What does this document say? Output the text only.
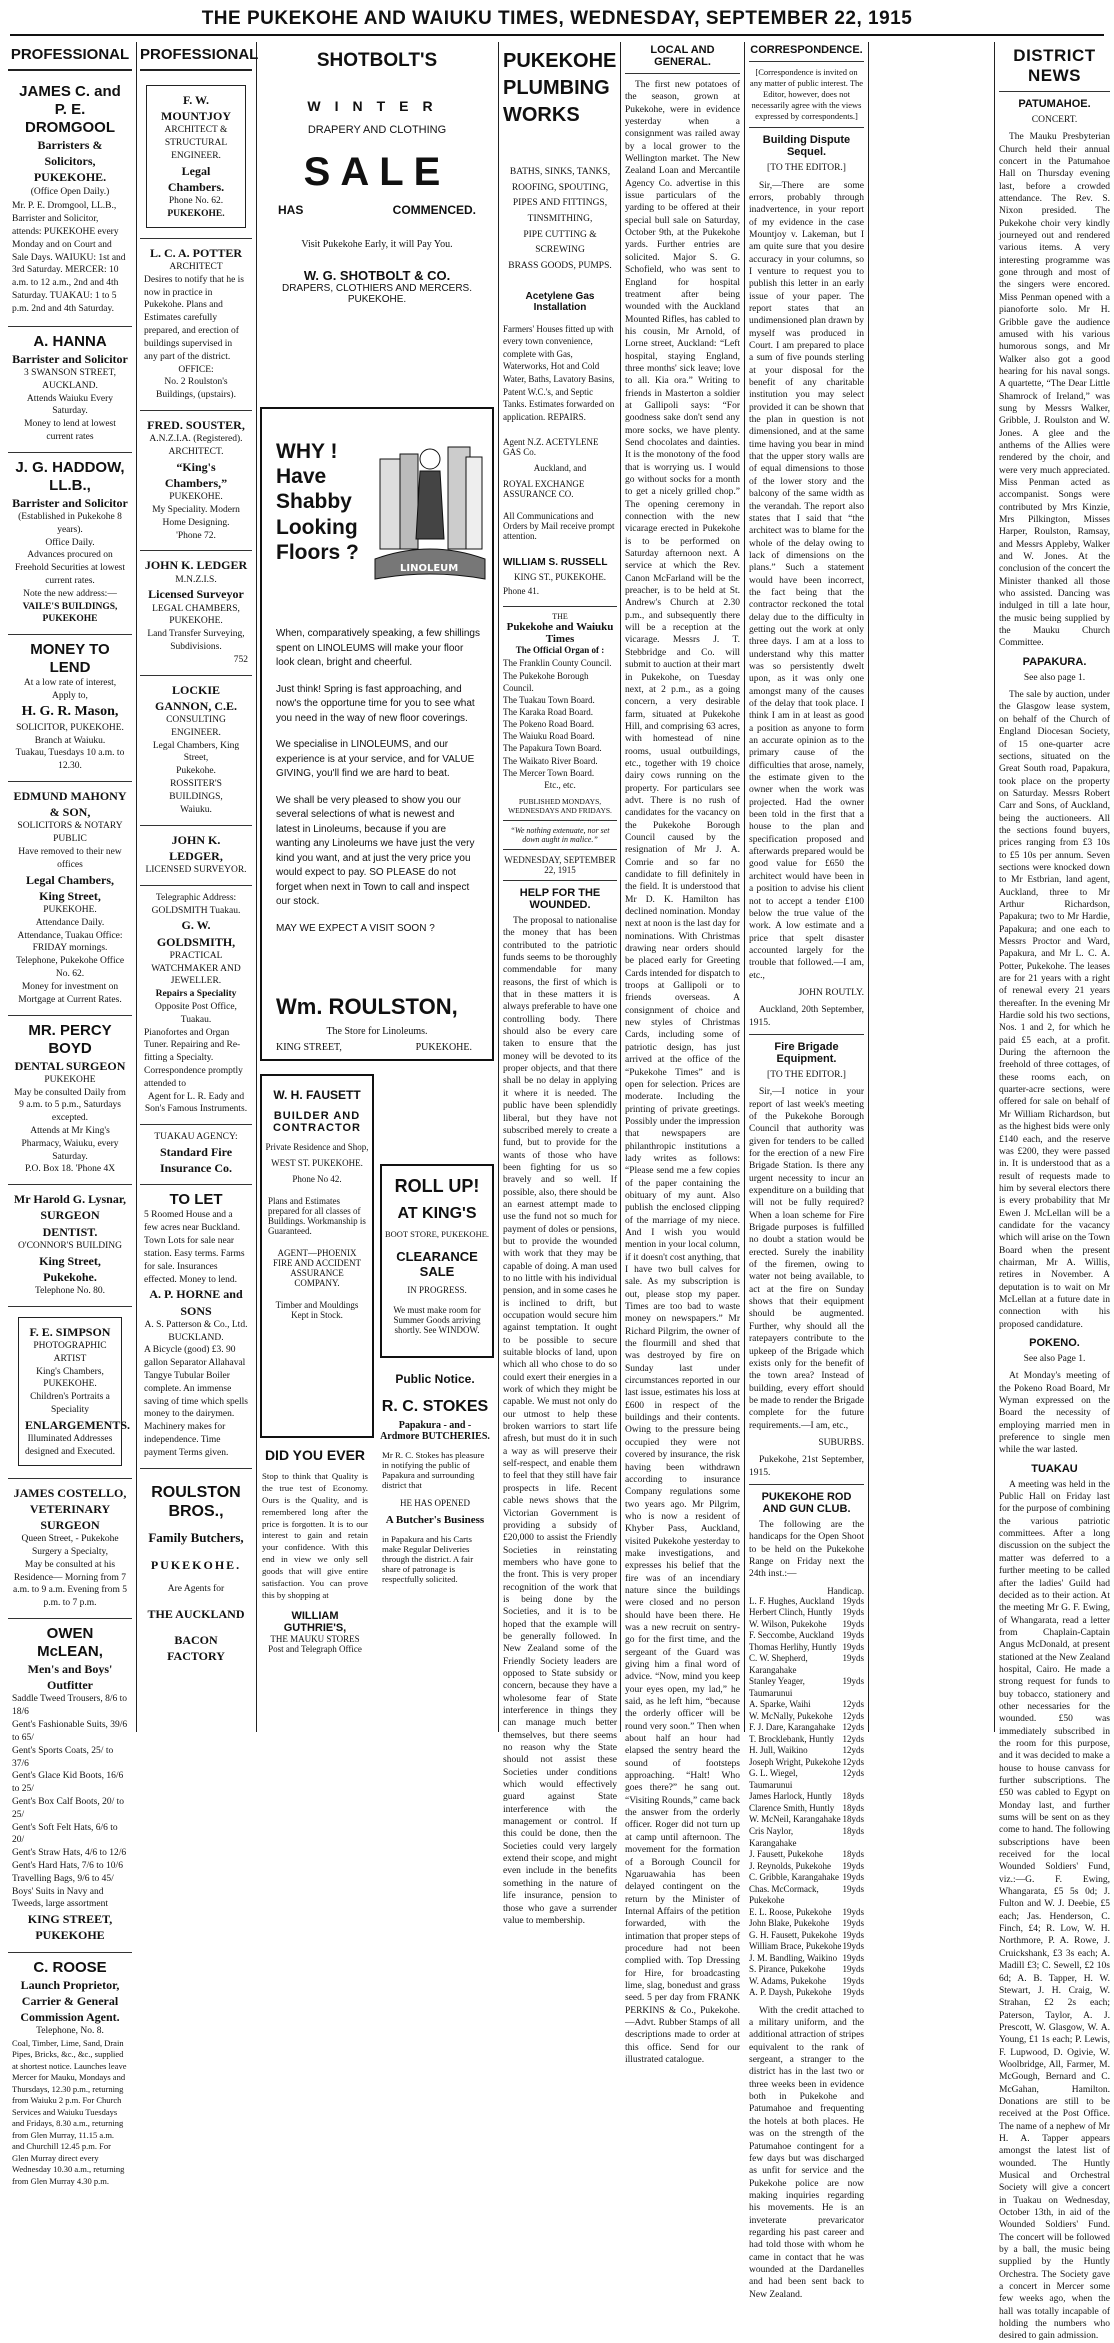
THE PUKEKOHE AND WAIUKU TIMES, WEDNESDAY, SEPTEMBER 22, 1915
PROFESSIONAL
JAMES C. and P. E. DROMGOOL
Barristers & Solicitors,
PUKEKOHE.
(Office Open Daily.)

Mr. P. E. Dromgool, LL.B., Barrister and Solicitor, attends: PUKEKOHE every Monday and on Court and Sale Days. WAIUKU: 1st and 3rd Saturday. MERCER: 10 a.m. to 12 a.m., 2nd and 4th Saturday. TUAKAU: 1 to 5 p.m. 2nd and 4th Saturday.

A. HANNA
Barrister and Solicitor
3 SWANSON STREET, AUCKLAND.
Attends Waiuku Every Saturday.
Money to lend at lowest current rates
J. G. HADDOW, LL.B.,
Barrister and Solicitor
(Established in Pukekohe 8 years).
Office Daily.
Advances procured on Freehold Securities at lowest current rates.
Note the new address:—
VAILE'S BUILDINGS, PUKEKOHE
MONEY TO LEND
At a low rate of interest,
Apply to,
H. G. R. Mason,
SOLICITOR, PUKEKOHE.
Branch at Waiuku.
Tuakau, Tuesdays 10 a.m. to 12.30.
EDMUND MAHONY & SON,
SOLICITORS & NOTARY PUBLIC
Have removed to their new offices
Legal Chambers, King Street,
PUKEKOHE.
Attendance Daily.
Attendance, Tuakau Office: FRIDAY mornings. Telephone, Pukekohe Office No. 62.
Money for investment on Mortgage at Current Rates.
MR. PERCY BOYD
DENTAL SURGEON
PUKEKOHE
May be consulted Daily from 9 a.m. to 5 p.m., Saturdays excepted.
Attends at Mr King's Pharmacy, Waiuku, every Saturday.
P.O. Box 18. 'Phone 4X
Mr Harold G. Lysnar,
SURGEON DENTIST.
O'CONNOR'S BUILDING
King Street, Pukekohe.
Telephone No. 80.
F. E. SIMPSON
PHOTOGRAPHIC ARTIST
King's Chambers,
PUKEKOHE.
Children's Portraits a Speciality
ENLARGEMENTS.
Illuminated Addresses designed and Executed.
JAMES COSTELLO,
VETERINARY SURGEON
Queen Street, - Pukekohe
Surgery a Specialty,
May be consulted at his Residence— Morning from 7 a.m. to 9 a.m. Evening from 5 p.m. to 7 p.m.
OWEN McLEAN,
Men's and Boys' Outfitter
Saddle Tweed Trousers, 8/6 to 18/6
Gent's Fashionable Suits, 39/6 to 65/
Gent's Sports Coats, 25/ to 37/6
Gent's Glace Kid Boots, 16/6 to 25/
Gent's Box Calf Boots, 20/ to 25/
Gent's Soft Felt Hats, 6/6 to 20/
Gent's Straw Hats, 4/6 to 12/6
Gent's Hard Hats, 7/6 to 10/6
Travelling Bags, 9/6 to 45/
Boys' Suits in Navy and Tweeds, large assortment
KING STREET, PUKEKOHE
C. ROOSE
Launch Proprietor, Carrier & General Commission Agent.
Telephone, No. 8.
Coal, Timber, Lime, Sand, Drain Pipes, Bricks, &c., &c., supplied at shortest notice. Launches leave Mercer for Mauku, Mondays and Thursdays, 12.30 p.m., returning from Waiuku 2 p.m. For Church Services and Waiuku Tuesdays and Fridays, 8.30 a.m., returning from Glen Murray, 11.15 a.m. and Churchill 12.45 p.m. For Glen Murray direct every Wednesday 10.30 a.m., returning from Glen Murray 4.30 p.m.
PROFESSIONAL
F. W. MOUNTJOY
ARCHITECT & STRUCTURAL ENGINEER.
Legal Chambers.
Phone No. 62.
PUKEKOHE.
L. C. A. POTTER
ARCHITECT
Desires to notify that he is now in practice in Pukekohe. Plans and Estimates carefully prepared, and erection of buildings supervised in any part of the district.
OFFICE:
No. 2 Roulston's Buildings, (upstairs).
FRED. SOUSTER,
A.N.Z.I.A. (Registered).
ARCHITECT.
“King's Chambers,”
PUKEKOHE.
My Speciality. Modern Home Designing.
'Phone 72.
JOHN K. LEDGER
M.N.Z.I.S.
Licensed Surveyor
LEGAL CHAMBERS,
PUKEKOHE.
Land Transfer Surveying, Subdivisions.
752
LOCKIE GANNON, C.E.
CONSULTING ENGINEER.
Legal Chambers, King Street,
Pukekohe.
ROSSITER'S BUILDINGS,
Waiuku.
JOHN K. LEDGER,
LICENSED SURVEYOR.
Telegraphic Address: GOLDSMITH Tuakau.
G. W. GOLDSMITH,
PRACTICAL WATCHMAKER AND JEWELLER.
Repairs a Speciality
Opposite Post Office, Tuakau.
Pianofortes and Organ Tuner. Repairing and Re-fitting a Specialty. Correspondence promptly attended to
Agent for L. R. Eady and Son's Famous Instruments.
TUAKAU AGENCY:
Standard Fire Insurance Co.
TO LET
5 Roomed House and a few acres near Buckland. Town Lots for sale near station. Easy terms. Farms for sale. Insurances effected. Money to lend.
A. P. HORNE and SONS
A. S. Patterson & Co., Ltd.
BUCKLAND.
A Bicycle (good) £3. 90 gallon Separator Allahaval Tangye Tubular Boiler complete. An immense saving of time which spells money to the dairymen. Machinery makes for independence. Time payment Terms given.
ROULSTON BROS.,
Family Butchers,
PUKEKOHE.
Are Agents for
THE AUCKLAND
BACON FACTORY
SHOTBOLT'S
WINTER
DRAPERY AND CLOTHING
SALE
HAS	COMMENCED.
Visit Pukekohe Early, it will Pay You.
W. G. SHOTBOLT & CO.
DRAPERS, CLOTHIERS AND MERCERS.
PUKEKOHE.
WHY !
Have
Shabby
Looking
Floors ?
LINOLEUM

When, comparatively speaking, a few shillings spent on LINOLEUMS will make your floor look clean, bright and cheerful.

Just think! Spring is fast approaching, and now's the opportune time for you to see what you need in the way of new floor coverings.

We specialise in LINOLEUMS, and our experience is at your service, and for VALUE GIVING, you'll find we are hard to beat.

We shall be very pleased to show you our several selections of what is newest and latest in Linoleums, because if you are wanting any Linoleums we have just the very kind you want, and at just the very price you would expect to pay. SO PLEASE do not forget when next in Town to call and inspect our stock.

MAY WE EXPECT A VISIT SOON ?

Wm. ROULSTON,
The Store for Linoleums.
KING STREET,	PUKEKOHE.
W. H. FAUSETT
BUILDER AND
CONTRACTOR
Private Residence and Shop,
WEST ST. PUKEKOHE.
Phone No 42.
Plans and Estimates prepared for all classes of Buildings. Workmanship is Guaranteed.
AGENT—PHOENIX FIRE AND ACCIDENT ASSURANCE COMPANY.
Timber and Mouldings Kept in Stock.
ROLL UP!
AT KING'S
BOOT STORE, PUKEKOHE.
CLEARANCE SALE
IN PROGRESS.
We must make room for Summer Goods arriving shortly. See WINDOW.
DID YOU EVER
Stop to think that Quality is the true test of Economy. Ours is the Quality, and is remembered long after the price is forgotten. It is to our interest to gain and retain your confidence. With this end in view we only sell goods that will give entire satisfaction. You can prove this by shopping at
WILLIAM GUTHRIE'S,
THE MAUKU STORES
Post and Telegraph Office
Public Notice.
R. C. STOKES
Papakura - and - Ardmore BUTCHERIES.
Mr R. C. Stokes has pleasure in notifying the public of Papakura and surrounding district that
HE HAS OPENED
A Butcher's Business
in Papakura and his Carts make Regular Deliveries through the district. A fair share of patronage is respectfully solicited.
PUKEKOHE
PLUMBING
WORKS
BATHS, SINKS, TANKS,
ROOFING, SPOUTING,
PIPES AND FITTINGS,
TINSMITHING,
PIPE CUTTING & SCREWING
BRASS GOODS, PUMPS.
Acetylene Gas Installation
Farmers' Houses fitted up with every town convenience, complete with Gas, Waterworks, Hot and Cold Water, Baths, Lavatory Basins, Patent W.C.'s, and Septic Tanks. Estimates forwarded on application. REPAIRS.
Agent N.Z. ACETYLENE GAS Co.
Auckland, and
ROYAL EXCHANGE ASSURANCE CO.
All Communications and Orders by Mail receive prompt attention.
WILLIAM S. RUSSELL
KING ST., PUKEKOHE.
Phone 41.
THE
Pukekohe and Waiuku Times
The Official Organ of :
The Franklin County Council.
The Pukekohe Borough Council.
The Tuakau Town Board.
The Karaka Road Board.
The Pokeno Road Board.
The Waiuku Road Board.
The Papakura Town Board.
The Waikato River Board.
The Mercer Town Board.
Etc., etc.
PUBLISHED MONDAYS, WEDNESDAYS AND FRIDAYS.
“We nothing extenuate, nor set down aught in malice.”
WEDNESDAY, SEPTEMBER 22, 1915
HELP FOR THE WOUNDED.

The proposal to nationalise the money that has been contributed to the patriotic funds seems to be thoroughly commendable for many reasons, the first of which is that in these matters it is always preferable to have one controlling body. There should also be every care taken to ensure that the money will be devoted to its proper objects, and that there shall be no delay in applying it where it is needed. The public have been splendidly liberal, but they have not subscribed merely to create a fund, but to provide for the wants of those who have been fighting for us so bravely and so well. If possible, also, there should be an earnest attempt made to use the fund not so much for payment of doles or pensions, but to provide the wounded with work that they may be capable of doing. A man used to no little with his individual pension, and in some cases he is inclined to drift, but occupation would secure him against temptation. It ought to be possible to secure suitable blocks of land, upon which all who chose to do so could exert their energies in a work of which they might be capable. We must not only do our utmost to help these broken warriors to start life afresh, but must do it in such a way as will preserve their self-respect, and enable them to feel that they still have fair prospects in life. Recent cable news shows that the Victorian Government is providing a subsidy of £20,000 to assist the Friendly Societies in reinstating members who have gone to the front. This is very proper recognition of the work that is being done by the Societies, and it is to be hoped that the example will be generally followed. In New Zealand some of the Friendly Society leaders are opposed to State subsidy or concern, because they have a wholesome fear of State interference in things they can manage much better themselves, but there seems no reason why the State should not assist these Societies under conditions which would effectively guard against State interference with the management or control. If this could be done, then the Societies could very largely extend their scope, and might even include in the benefits something in the nature of life insurance, pension to those who gave a surrender value to membership.

LOCAL AND GENERAL.

The first new potatoes of the season, grown at Pukekohe, were in evidence yesterday when a consignment was railed away by a local grower to the Wellington market. The New Zealand Loan and Mercantile Agency Co. advertise in this issue particulars of the yarding to be offered at their special bull sale on Saturday, October 9th, at the Pukekohe yards. Further entries are solicited. Major S. G. Schofield, who was sent to England for hospital treatment after being wounded with the Auckland Mounted Rifles, has cabled to his cousin, Mr Arnold, of Lorne street, Auckland: “Left hospital, staying England, three months' sick leave; love to all. Kia ora.” Writing to friends in Masterton a soldier at Gallipoli says: “For goodness sake don't send any more socks, we have plenty. Send chocolates and dainties. It is the monotony of the food that is worrying us. I would go without socks for a month to get a nicely grilled chop.” The opening ceremony in connection with the new vicarage erected in Pukekohe is to be performed on Saturday afternoon next. A service at which the Rev. Canon McFarland will be the preacher, is to be held at St. Andrew's Church at 2.30 p.m., and subsequently there will be a reception at the vicarage. Messrs J. T. Stebbridge and Co. will submit to auction at their mart in Pukekohe, on Tuesday next, at 2 p.m., as a going concern, a very desirable farm, situated at Pukekohe Hill, and comprising 63 acres, with homestead of nine rooms, usual outbuildings, etc., together with 19 choice dairy cows running on the property. For particulars see advt. There is no rush of candidates for the vacancy on the Pukekohe Borough Council caused by the resignation of Mr J. A. Comrie and so far no candidate to fill definitely in the field. It is understood that Mr D. K. Hamilton has declined nomination. Monday next at noon is the last day for nominations. With Christmas drawing near orders should be placed early for Greeting Cards intended for dispatch to troops at Gallipoli or to friends overseas. A consignment of choice and new styles of Christmas Cards, including some of patriotic design, has just arrived at the office of the “Pukekohe Times” and is open for selection. Prices are moderate. Including the printing of private greetings. Possibly under the impression that newspapers are philanthropic institutions a lady writes as follows: “Please send me a few copies of the paper containing the obituary of my aunt. Also publish the enclosed clipping of the marriage of my niece. And I wish you would mention in your local column, if it doesn't cost anything, that I have two bull calves for sale. As my subscription is out, please stop my paper. Times are too bad to waste money on newspapers.” Mr Richard Pilgrim, the owner of the flourmill and shed that was destroyed by fire on Sunday last under circumstances reported in our last issue, estimates his loss at £600 in respect of the buildings and their contents. Owing to the pressure being occupied they were not covered by insurance, the risk having been withdrawn according to insurance Company regulations some two years ago. Mr Pilgrim, who is now a resident of Khyber Pass, Auckland, visited Pukekohe yesterday to make investigations, and expresses his belief that the fire was of an incendiary nature since the buildings were closed and no person should have been there. He was a new recruit on sentry-go for the first time, and the sergeant of the Guard was giving him a final word of advice. “Now, mind you keep your eyes open, my lad,” he said, as he left him, “because the orderly officer will be round very soon.” Then when about half an hour had elapsed the sentry heard the sound of footsteps approaching. “Halt! Who goes there?” he sang out. “Visiting Rounds,” came back the answer from the orderly officer. Roger did not turn up at camp until afternoon. The movement for the formation of a Borough Council for Ngaruawahia has been delayed contingent on the return by the Minister of Internal Affairs of the petition forwarded, with the intimation that proper steps of procedure had not been complied with. Top Dressing for Hire, for broadcasting lime, slag, bonedust and grass seed. 5 per day from FRANK PERKINS & Co., Pukekohe.—Advt. Rubber Stamps of all descriptions made to order at this office. Send for our illustrated catalogue.

CORRESPONDENCE.

[Correspondence is invited on any matter of public interest. The Editor, however, does not necessarily agree with the views expressed by correspondents.]

Building Dispute Sequel.

[TO THE EDITOR.]

Sir,—There are some errors, probably through inadvertence, in your report of my evidence in the case Mountjoy v. Lakeman, but I am quite sure that you desire accuracy in your columns, so I venture to request you to publish this letter in an early issue of your paper. The report states that an undimensioned plan drawn by myself was produced in Court. I am prepared to place a sum of five pounds sterling at your disposal for the benefit of any charitable institution you may select provided it can be shown that the plan in question is not dimensioned, and at the same time having you bear in mind that the upper story walls are of equal dimensions to those of the lower story and the balcony of the same width as the verandah. The report also states that I said that “the architect was to blame for the whole of the delay owing to lack of dimensions on the plans.” Such a statement would have been incorrect, the fact being that the contractor reckoned the total delay due to the difficulty in getting out the work at only three days. I am at a loss to understand why this matter was so persistently dwelt upon, as it was only one amongst many of the causes of the delay that took place. I think I am in at least as good a position as anyone to form an accurate opinion as to the primary cause of the difficulties that arose, namely, the estimate given to the owner when the work was projected. Had the owner been told in the first that a house to the plan and specification proposed and afterwards prepared would be good value for £650 the architect would have been in a position to advise his client not to accept a tender £100 below the true value of the work. A low estimate and a price that spelt disaster accounted largely for the trouble that followed.—I am, etc.,

JOHN ROUTLY.

Auckland, 20th September, 1915.

Fire Brigade Equipment.

[TO THE EDITOR.]

Sir,—I notice in your report of last week's meeting of the Pukekohe Borough Council that authority was given for tenders to be called for the erection of a new Fire Brigade Station. Is there any urgent necessity to incur an expenditure on a building that will not be fully required? When a loan scheme for Fire Brigade purposes is fulfilled no doubt a station would be erected. Surely the inability of the firemen, owing to water not being available, to act at the fire on Sunday shows that their equipment should be augmented. Further, why should all the ratepayers contribute to the upkeep of the Brigade which exists only for the benefit of the town area? Instead of building, every effort should be made to render the Brigade complete for the future requirements.—I am, etc.,

SUBURBS.

Pukekohe, 21st September, 1915.

PUKEKOHE ROD AND GUN CLUB.

The following are the handicaps for the Open Shoot to be held on the Pukekohe Range on Friday next the 24th inst.:—

Handicap.
L. F. Hughes, Auckland 19yds
Herbert Clinch, Huntly 19yds
W. Wilson, Pukekohe 19yds
F. Seccombe, Auckland 19yds
Thomas Herlihy, Huntly 19yds
C. W. Shepherd, Karangahake
19yds
Stanley Yeager, Taumarunui
19yds
A. Sparke, Waihi	12yds
W. McNally, Pukekohe 12yds
F. J. Dare, Karangahake 12yds
T. Brocklebank, Huntly 12yds
H. Jull, Waikino	12yds
Joseph Wright, Pukekohe 12yds
G. L. Wiegel, Taumarunui
12yds
James Harlock, Huntly 18yds
Clarence Smith, Huntly 18yds
W. McNeil, Karangahake 18yds
Cris Naylor, Karangahake
18yds
J. Fausett, Pukekohe 18yds
J. Reynolds, Pukekohe 19yds
C. Gribble, Karangahake 19yds
Chas. McCormack, Pukekohe
19yds
E. L. Roose, Pukekohe 19yds
John Blake, Pukekohe 19yds
G. H. Fausett, Pukekohe 19yds
William Brace, Pukekohe 19yds
J. M. Bandling, Waikino 19yds
S. Pirance, Pukekohe 19yds
W. Adams, Pukekohe 19yds
A. P. Daysh, Pukekohe 19yds

With the credit attached to a military uniform, and the additional attraction of stripes equivalent to the rank of sergeant, a stranger to the district has in the last two or three weeks been in evidence both in Pukekohe and Patumahoe and frequenting the hotels at both places. He was on the strength of the Patumahoe contingent for a few days but was discharged as unfit for service and the Pukekohe police are now making inquiries regarding his movements. He is an inveterate prevaricator regarding his past career and had told those with whom he came in contact that he was wounded at the Dardanelles and had been sent back to New Zealand.

DISTRICT NEWS
PATUMAHOE.

CONCERT.

The Mauku Presbyterian Church held their annual concert in the Patumahoe Hall on Thursday evening last, before a crowded attendance. The Rev. S. Nixon presided. The Pukekohe choir very kindly journeyed out and rendered various items. A very interesting programme was gone through and most of the singers were encored. Miss Penman opened with a pianoforte solo. Mr H. Gribble gave the audience amused with his various humorous songs, and Mr Walker also got a good hearing for his naval songs. A quartette, “The Dear Little Shamrock of Ireland,” was sung by Messrs Walker, Gribble, J. Roulston and W. Jones. A glee and the anthems of the Allies were rendered by the choir, and were very much appreciated. Miss Penman acted as accompanist. Songs were contributed by Mrs Kinzie, Mrs Pilkington, Misses Harper, Roulston, Ramsay, and Messrs Appleby, Walker and W. Jones. At the conclusion of the concert the Minister thanked all those who assisted. Dancing was indulged in till a late hour, the music being supplied by the Mauku Church Committee.

PAPAKURA.

See also page 1.

The sale by auction, under the Glasgow lease system, on behalf of the Church of England Diocesan Society, of 15 one-quarter acre sections, situated on the Great South road, Papakura, took place on the property on Saturday. Messrs Robert Carr and Sons, of Auckland, being the auctioneers. All the sections found buyers, prices ranging from £3 10s to £5 10s per annum. Seven sections were knocked down to Mr Estbrian, land agent, Auckland, three to Mr Arthur Richardson, Papakura; two to Mr Hardie, Papakura; and one each to Messrs Proctor and Ward, Papakura, and Mr L. C. A. Potter, Pukekohe. The leases are for 21 years with a right of renewal every 21 years thereafter. In the evening Mr Hardie sold his two sections, Nos. 1 and 2, for which he paid £5 each, at a profit. During the afternoon the freehold of three cottages, of these rooms each, on quarter-acre sections, were offered for sale on behalf of Mr William Richardson, but as the highest bids were only £140 each, and the reserve was £200, they were passed in. It is understood that as a result of requests made to him by several electors there is every probability that Mr Ewen J. McLellan will be a candidate for the vacancy which will arise on the Town Board when the present chairman, Mr A. Willis, retires in November. A deputation is to wait on Mr McLellan at a future date in connection with his proposed candidature.

POKENO.

See also Page 1.

At Monday's meeting of the Pokeno Road Board, Mr Wyman expressed on the Board the necessity of employing married men in preference to single men while the war lasted.

TUAKAU

A meeting was held in the Public Hall on Friday last for the purpose of combining the various patriotic committees. After a long discussion on the subject the matter was deferred to a further meeting to be called after the ladies' Guild had decided as to their action. At the meeting Mr G. F. Ewing, of Whangarata, read a letter from Chaplain-Captain Angus McDonald, at present stationed at the New Zealand hospital, Cairo. He made a strong request for funds to buy tobacco, stationery and other necessaries for the wounded. £50 was immediately subscribed in the room for this purpose, and it was decided to make a house to house canvass for further subscriptions. The £50 was cabled to Egypt on Monday last, and further sums will be sent on as they come to hand. The following subscriptions have been received for the local Wounded Soldiers' Fund, viz.:—G. F. Ewing, Whangarata, £5 5s 0d; J. Fulton and W. J. Deebie, £5 each; Jas. Henderson, C. Finch, £4; R. Low, W. H. Northmore, P. A. Rowe, J. Cruickshank, £3 3s each; A. Madill £3; C. Sewell, £2 10s 6d; A. B. Tapper, H. W. Stewart, J. H. Craig, W. Strahan, £2 2s each; Paterson, Taylor, A. J. Prescott, W. Glasgow, W. A. Young, £1 1s each; P. Lewis, F. Lupwood, D. Ogivie, W. Woolbridge, All, Farmer, M. McGough, Bernard and C. McGahan, Hamilton. Donations are still to be received at the Post Office. The name of a nephew of Mr H. A. Tapper appears amongst the latest list of wounded. The Huntly Musical and Orchestral Society will give a concert in Tuakau on Wednesday, October 13th, in aid of the Wounded Soldiers' Fund. The concert will be followed by a ball, the music being supplied by the Huntly Orchestra. The Society gave a concert in Mercer some few weeks ago, when the hall was totally incapable of holding the numbers who desired to gain admission.
